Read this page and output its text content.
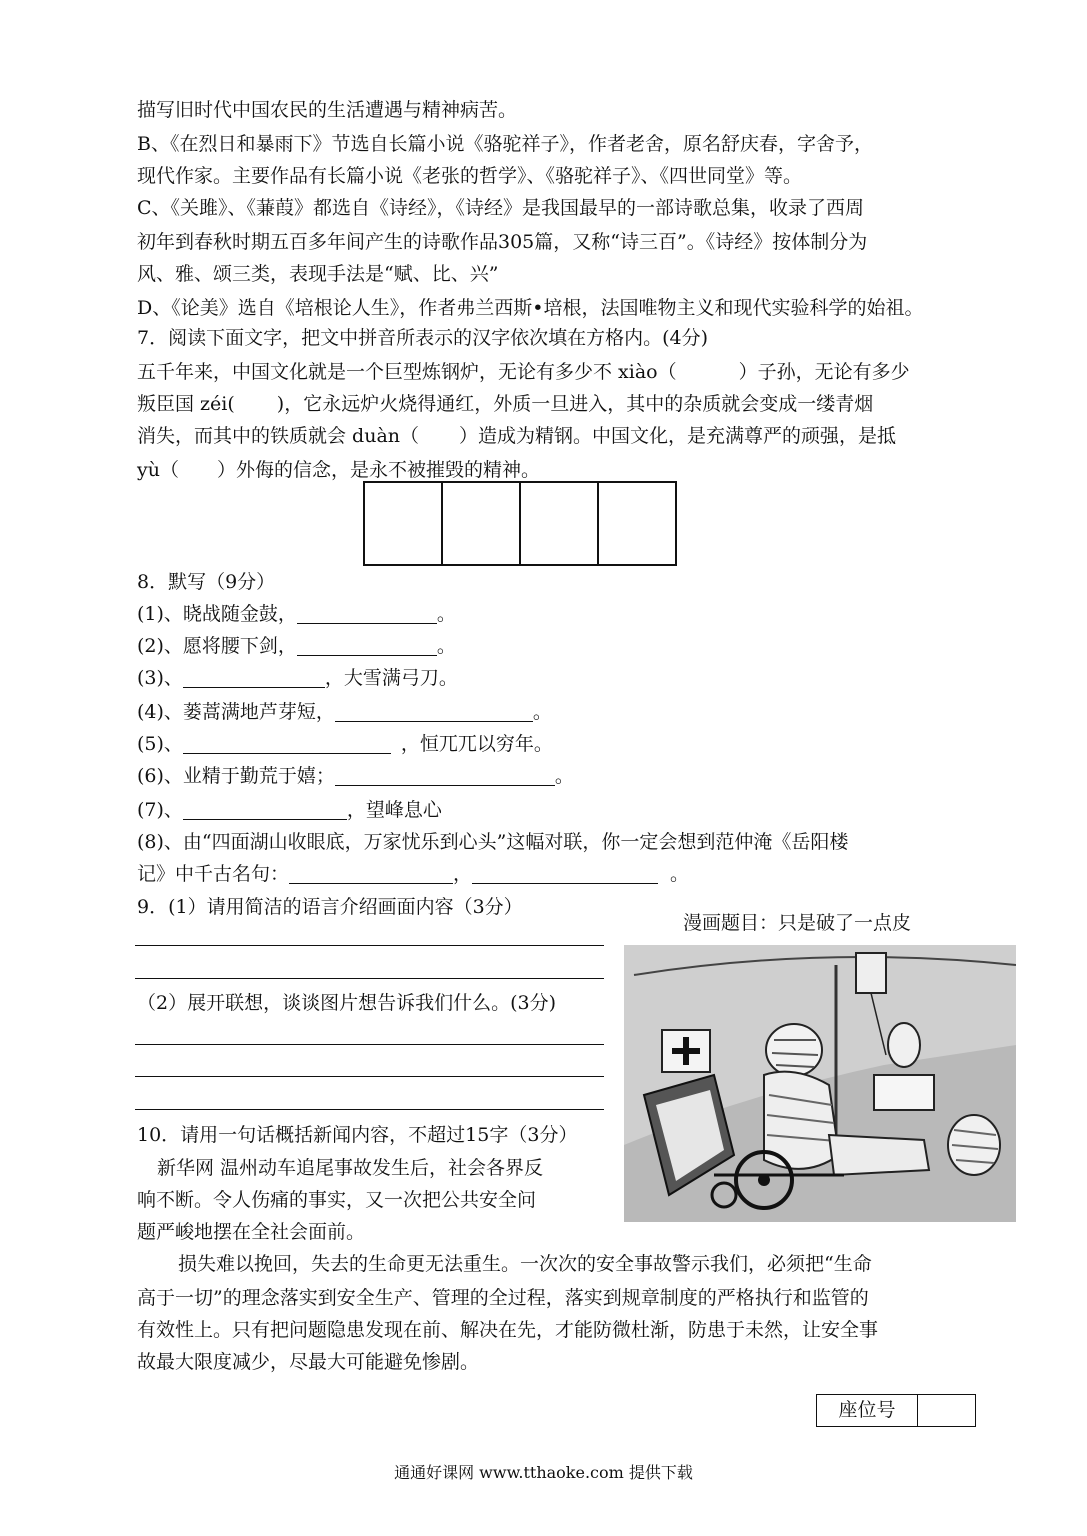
描写旧时代中国农民的生活遭遇与精神病苦。
B、《在烈日和暴雨下》节选自长篇小说《骆驼祥子》，作者老舍，原名舒庆春，字舍予，
现代作家。主要作品有长篇小说《老张的哲学》、《骆驼祥子》、《四世同堂》等。
C、《关雎》、《蒹葭》都选自《诗经》，《诗经》是我国最早的一部诗歌总集，收录了西周
初年到春秋时期五百多年间产生的诗歌作品305篇，又称“诗三百”。《诗经》按体制分为
风、雅、颂三类，表现手法是“赋、比、兴”
D、《论美》选自《培根论人生》，作者弗兰西斯•培根，法国唯物主义和现代实验科学的始祖。
7．阅读下面文字，把文中拼音所表示的汉字依次填在方格内。(4分)
五千年来，中国文化就是一个巨型炼钢炉，无论有多少不 xiào（	）子孙，无论有多少
叛臣国 zéi( )，它永远炉火烧得通红，外质一旦进入，其中的杂质就会变成一缕青烟
消失，而其中的铁质就会 duàn（ ）造成为精钢。中国文化，是充满尊严的顽强，是抵
yù（ ）外侮的信念，是永不被摧毁的精神。
8．默写（9分）
(1)、晓战随金鼓，	。
(2)、愿将腰下剑，	。
(3)、	，大雪满弓刀。
(4)、蒌蒿满地芦芽短，	。
(5)、	，恒兀兀以穷年。
(6)、业精于勤荒于嬉；	。
(7)、	，望峰息心
(8)、由“四面湖山收眼底，万家忧乐到心头”这幅对联，你一定会想到范仲淹《岳阳楼
记》中千古名句：	，	。
9．(1）请用简洁的语言介绍画面内容（3分）
（2）展开联想，谈谈图片想告诉我们什么。(3分)
漫画题目：只是破了一点皮
10．请用一句话概括新闻内容，不超过15字（3分）
新华网 温州动车追尾事故发生后，社会各界反
响不断。令人伤痛的事实，又一次把公共安全问
题严峻地摆在全社会面前。
损失难以挽回，失去的生命更无法重生。一次次的安全事故警示我们，必须把“生命
高于一切”的理念落实到安全生产、管理的全过程，落实到规章制度的严格执行和监管的
有效性上。只有把问题隐患发现在前、解决在先，才能防微杜渐，防患于未然，让安全事
故最大限度减少，尽最大可能避免惨剧。
座位号
通通好课网 www.tthaoke.com 提供下载
